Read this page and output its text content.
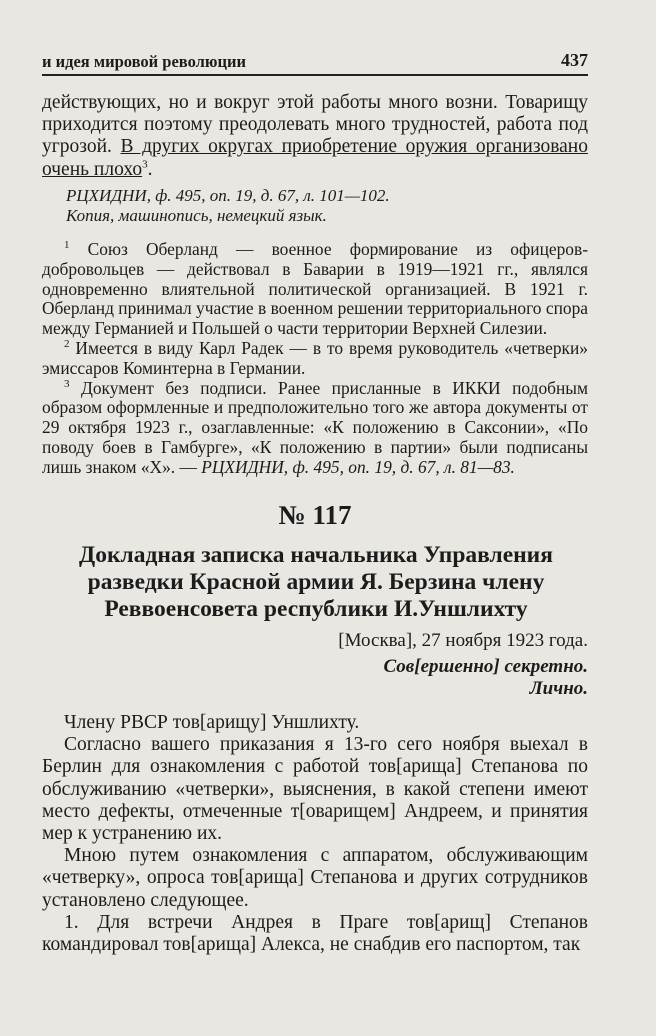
и идея мировой революции	437

действующих, но и вокруг этой работы много возни. Товарищу приходится поэтому преодолевать много трудностей, работа под угрозой. В других округах приобретение оружия организовано очень плохо$^3$.

РЦХИДНИ, ф. 495, оп. 19, д. 67, л. 101—102.

Копия, машинопись, немецкий язык.

$^1$ Союз Оберланд — военное формирование из офицеров-добровольцев — действовал в Баварии в 1919—1921 гг., являлся одновременно влиятельной политической организацией. В 1921 г. Оберланд принимал участие в военном решении территориального спора между Германией и Польшей о части территории Верхней Силезии.

$^2$ Имеется в виду Карл Радек — в то время руководитель «четверки» эмиссаров Коминтерна в Германии.

$^3$ Документ без подписи. Ранее присланные в ИККИ подобным образом оформленные и предположительно того же автора документы от 29 октября 1923 г., озаглавленные: «К положению в Саксонии», «По поводу боев в Гамбурге», «К положению в партии» были подписаны лишь знаком «X». — РЦХИДНИ, ф. 495, оп. 19, д. 67, л. 81—83.

№ 117

Докладная записка начальника Управления разведки Красной армии Я. Берзина члену Реввоенсовета республики И.Уншлихту

[Москва], 27 ноября 1923 года.

Сов[ершенно] секретно.

Лично.

Члену РВСР тов[арищу] Уншлихту.

Согласно вашего приказания я 13-го сего ноября выехал в Берлин для ознакомления с работой тов[арища] Степанова по обслуживанию «четверки», выяснения, в какой степени имеют место дефекты, отмеченные т[оварищем] Андреем, и принятия мер к устранению их.

Мною путем ознакомления с аппаратом, обслуживающим «четверку», опроса тов[арища] Степанова и других сотрудников установлено следующее.

1. Для встречи Андрея в Праге тов[арищ] Степанов командировал тов[арища] Алекса, не снабдив его паспортом, так
